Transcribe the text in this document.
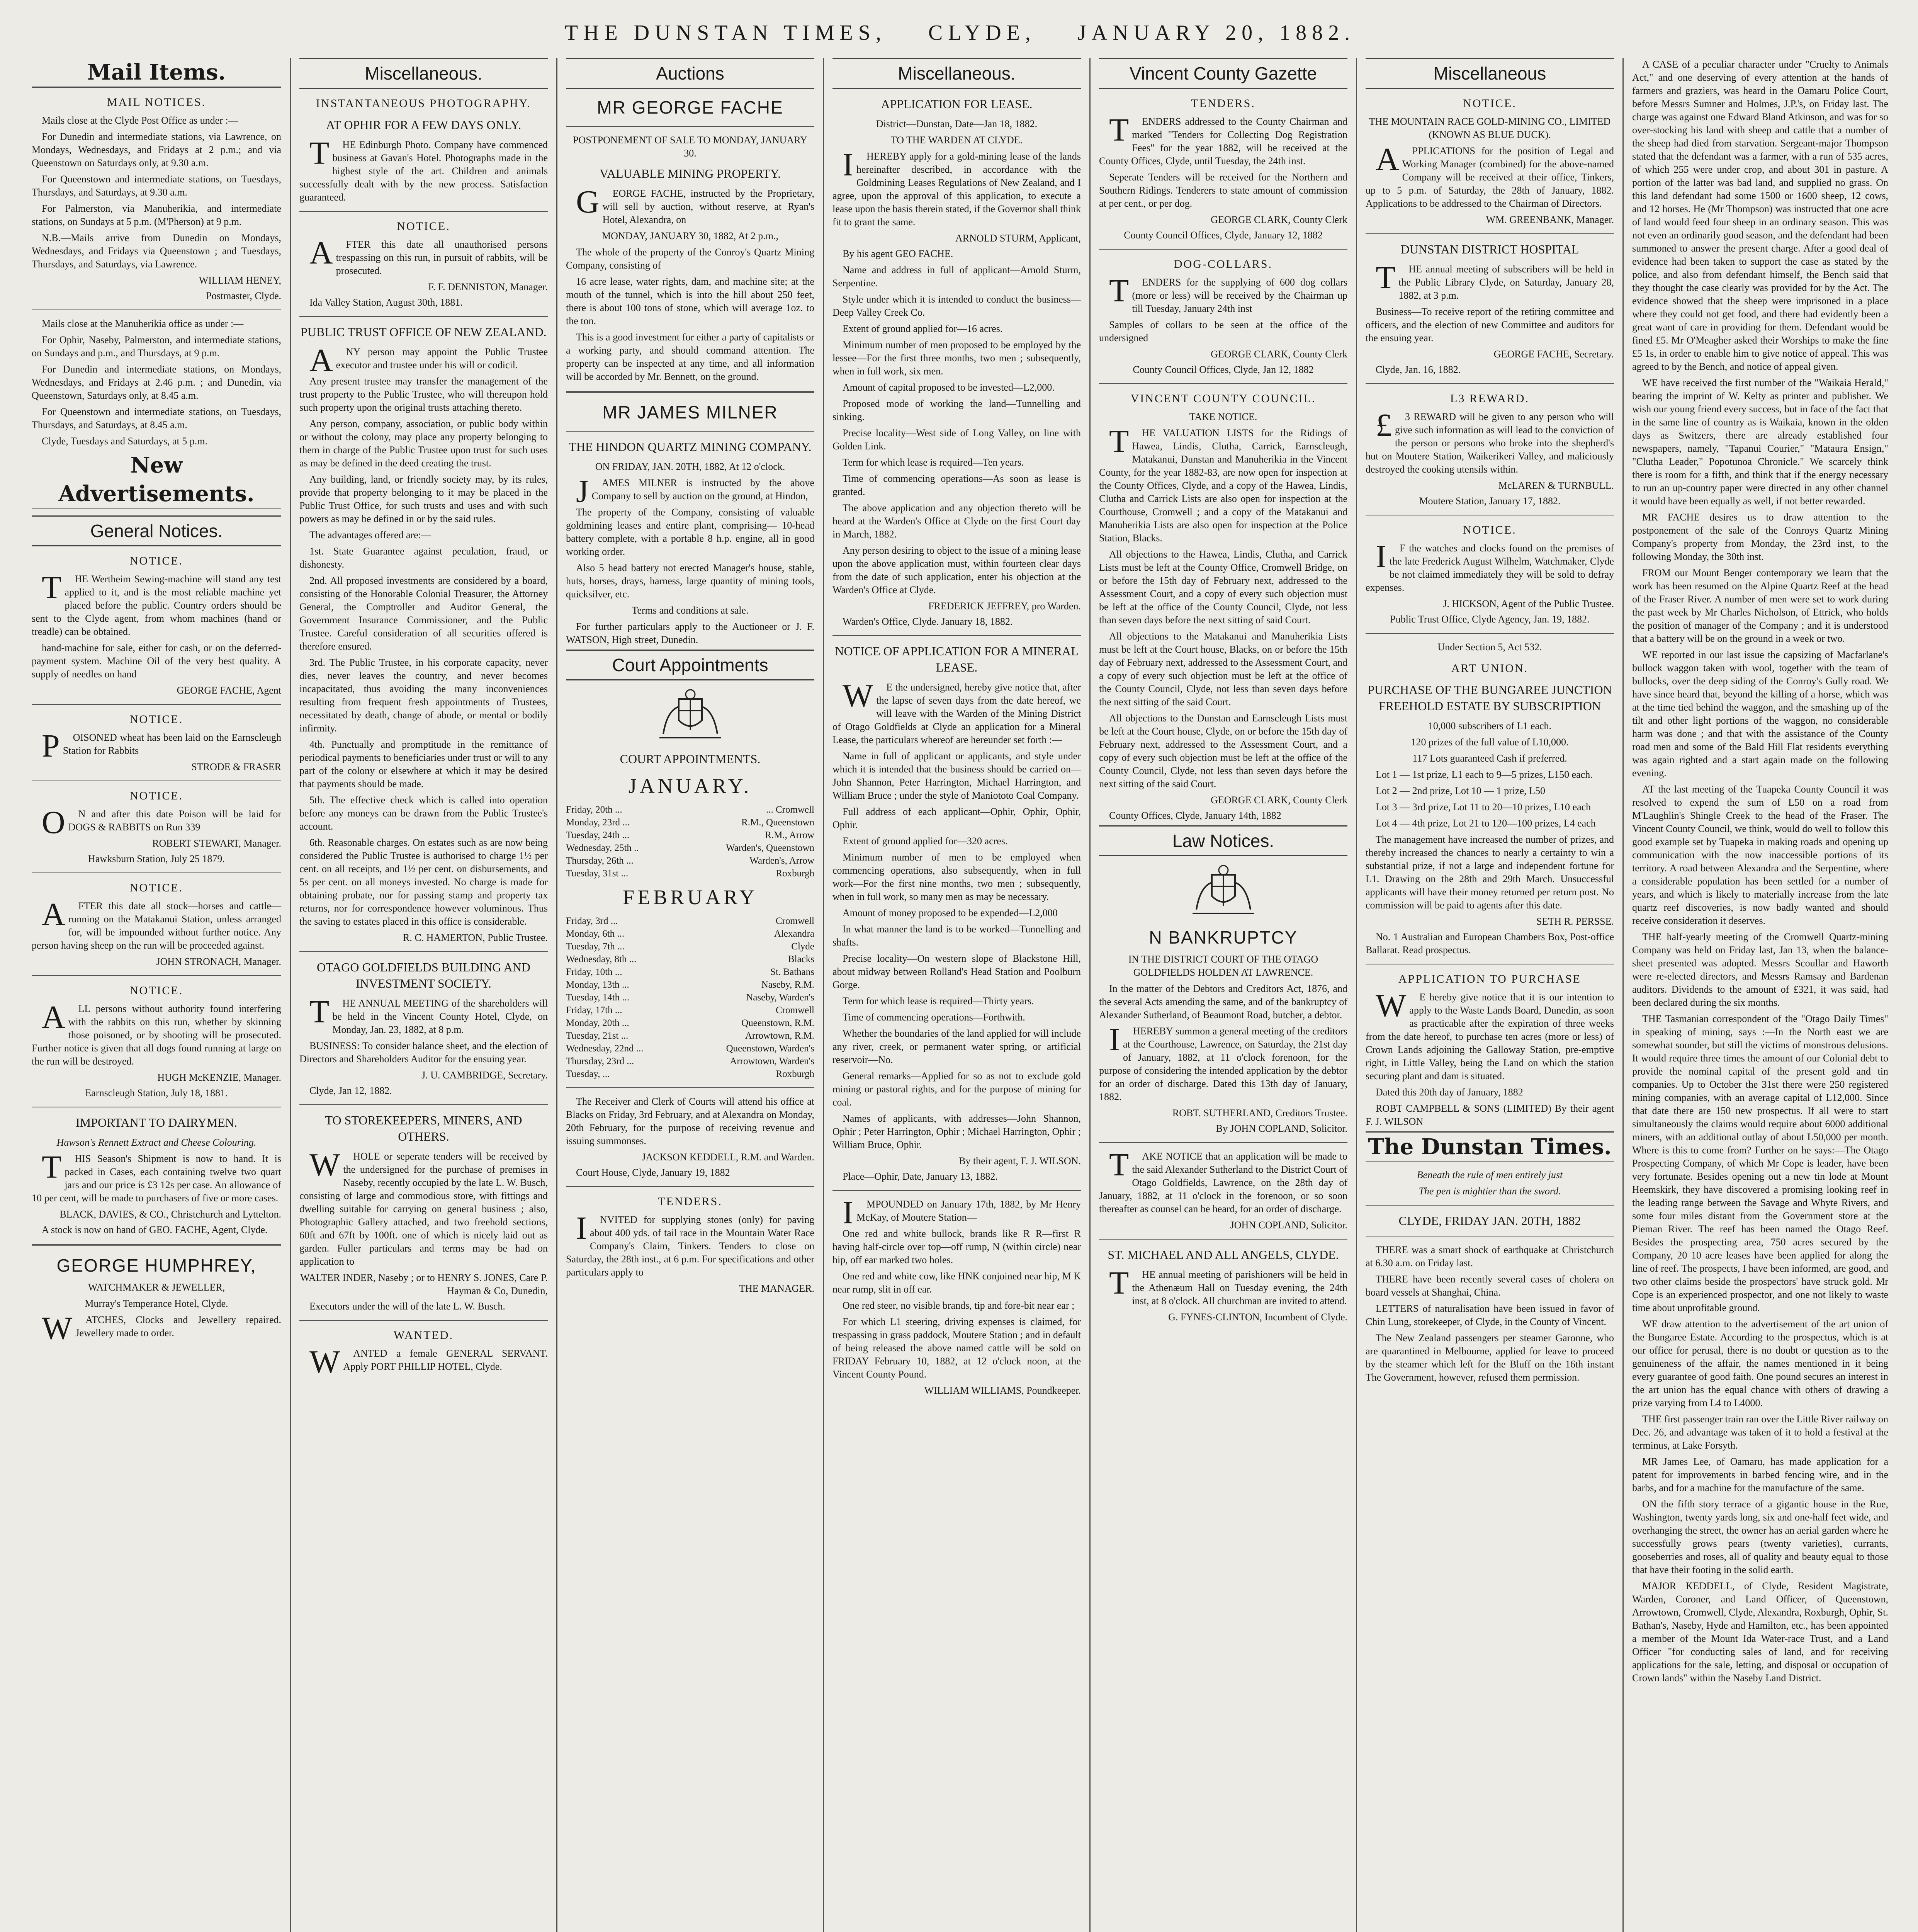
THE DUNSTAN TIMES, CLYDE, JANUARY 20, 1882.
Mail Items.
MAIL NOTICES.

Mails close at the Clyde Post Office as under :—

For Dunedin and intermediate stations, via Lawrence, on Mondays, Wednesdays, and Fridays at 2 p.m.; and via Queenstown on Saturdays only, at 9.30 a.m.

For Queenstown and intermediate stations, on Tuesdays, Thursdays, and Saturdays, at 9.30 a.m.

For Palmerston, via Manuherikia, and intermediate stations, on Sundays at 5 p.m. (M'Pherson) at 9 p.m.

N.B.—Mails arrive from Dunedin on Mondays, Wednesdays, and Fridays via Queenstown ; and Tuesdays, Thursdays, and Saturdays, via Lawrence.

WILLIAM HENEY,

Postmaster, Clyde.

Mails close at the Manuherikia office as under :—

For Ophir, Naseby, Palmerston, and intermediate stations, on Sundays and p.m., and Thursdays, at 9 p.m.

For Dunedin and intermediate stations, on Mondays, Wednesdays, and Fridays at 2.46 p.m. ; and Dunedin, via Queenstown, Saturdays only, at 8.45 a.m.

For Queenstown and intermediate stations, on Tuesdays, Thursdays, and Saturdays, at 8.45 a.m.

Clyde, Tuesdays and Saturdays, at 5 p.m.

New Advertisements.
General Notices.
NOTICE.

THE Wertheim Sewing-machine will stand any test applied to it, and is the most reliable machine yet placed before the public. Country orders should be sent to the Clyde agent, from whom machines (hand or treadle) can be obtained.

hand-machine for sale, either for cash, or on the deferred-payment system. Machine Oil of the very best quality. A supply of needles on hand

GEORGE FACHE, Agent

NOTICE.

POISONED wheat has been laid on the Earnscleugh Station for Rabbits

STRODE & FRASER

NOTICE.

ON and after this date Poison will be laid for DOGS & RABBITS on Run 339

ROBERT STEWART, Manager.

Hawksburn Station, July 25 1879.

NOTICE.

AFTER this date all stock—horses and cattle—running on the Matakanui Station, unless arranged for, will be impounded without further notice. Any person having sheep on the run will be proceeded against.

JOHN STRONACH, Manager.

NOTICE.

ALL persons without authority found interfering with the rabbits on this run, whether by skinning those poisoned, or by shooting will be prosecuted. Further notice is given that all dogs found running at large on the run will be destroyed.

HUGH McKENZIE, Manager.

Earnscleugh Station, July 18, 1881.

IMPORTANT TO DAIRYMEN.

Hawson's Rennett Extract and Cheese Colouring.

THIS Season's Shipment is now to hand. It is packed in Cases, each containing twelve two quart jars and our price is £3 12s per case. An allowance of 10 per cent, will be made to purchasers of five or more cases.

BLACK, DAVIES, & CO., Christchurch and Lyttelton.

A stock is now on hand of GEO. FACHE, Agent, Clyde.

GEORGE HUMPHREY,

WATCHMAKER & JEWELLER,

Murray's Temperance Hotel, Clyde.

WATCHES, Clocks and Jewellery repaired. Jewellery made to order.

Miscellaneous.
INSTANTANEOUS PHOTOGRAPHY.
AT OPHIR FOR A FEW DAYS ONLY.

THE Edinburgh Photo. Company have commenced business at Gavan's Hotel. Photographs made in the highest style of the art. Children and animals successfully dealt with by the new process. Satisfaction guaranteed.

NOTICE.

AFTER this date all unauthorised persons trespassing on this run, in pursuit of rabbits, will be prosecuted.

F. F. DENNISTON, Manager.

Ida Valley Station, August 30th, 1881.

PUBLIC TRUST OFFICE OF NEW ZEALAND.

ANY person may appoint the Public Trustee executor and trustee under his will or codicil.

Any present trustee may transfer the management of the trust property to the Public Trustee, who will thereupon hold such property upon the original trusts attaching thereto.

Any person, company, association, or public body within or without the colony, may place any property belonging to them in charge of the Public Trustee upon trust for such uses as may be defined in the deed creating the trust.

Any building, land, or friendly society may, by its rules, provide that property belonging to it may be placed in the Public Trust Office, for such trusts and uses and with such powers as may be defined in or by the said rules.

The advantages offered are:—

1st. State Guarantee against peculation, fraud, or dishonesty.

2nd. All proposed investments are considered by a board, consisting of the Honorable Colonial Treasurer, the Attorney General, the Comptroller and Auditor General, the Government Insurance Commissioner, and the Public Trustee. Careful consideration of all securities offered is therefore ensured.

3rd. The Public Trustee, in his corporate capacity, never dies, never leaves the country, and never becomes incapacitated, thus avoiding the many inconveniences resulting from frequent fresh appointments of Trustees, necessitated by death, change of abode, or mental or bodily infirmity.

4th. Punctually and promptitude in the remittance of periodical payments to beneficiaries under trust or will to any part of the colony or elsewhere at which it may be desired that payments should be made.

5th. The effective check which is called into operation before any moneys can be drawn from the Public Trustee's account.

6th. Reasonable charges. On estates such as are now being considered the Public Trustee is authorised to charge 1½ per cent. on all receipts, and 1½ per cent. on disbursements, and 5s per cent. on all moneys invested. No charge is made for obtaining probate, nor for passing stamp and property tax returns, nor for correspondence however voluminous. Thus the saving to estates placed in this office is considerable.

R. C. HAMERTON, Public Trustee.

OTAGO GOLDFIELDS BUILDING AND INVESTMENT SOCIETY.

THE ANNUAL MEETING of the shareholders will be held in the Vincent County Hotel, Clyde, on Monday, Jan. 23, 1882, at 8 p.m.

BUSINESS: To consider balance sheet, and the election of Directors and Shareholders Auditor for the ensuing year.

J. U. CAMBRIDGE, Secretary.

Clyde, Jan 12, 1882.

TO STOREKEEPERS, MINERS, AND OTHERS.

WHOLE or seperate tenders will be received by the undersigned for the purchase of premises in Naseby, recently occupied by the late L. W. Busch, consisting of large and commodious store, with fittings and dwelling suitable for carrying on general business ; also, Photographic Gallery attached, and two freehold sections, 60ft and 67ft by 100ft. one of which is nicely laid out as garden. Fuller particulars and terms may be had on application to

WALTER INDER, Naseby ; or to HENRY S. JONES, Care P. Hayman & Co, Dunedin,

Executors under the will of the late L. W. Busch.

WANTED.

WANTED a female GENERAL SERVANT. Apply PORT PHILLIP HOTEL, Clyde.

Auctions
MR GEORGE FACHE

POSTPONEMENT OF SALE TO MONDAY, JANUARY 30.

VALUABLE MINING PROPERTY.

GEORGE FACHE, instructed by the Proprietary, will sell by auction, without reserve, at Ryan's Hotel, Alexandra, on

MONDAY, JANUARY 30, 1882, At 2 p.m.,

The whole of the property of the Conroy's Quartz Mining Company, consisting of

16 acre lease, water rights, dam, and machine site; at the mouth of the tunnel, which is into the hill about 250 feet, there is about 100 tons of stone, which will average 1oz. to the ton.

This is a good investment for either a party of capitalists or a working party, and should command attention. The property can be inspected at any time, and all information will be accorded by Mr. Bennett, on the ground.

MR JAMES MILNER
THE HINDON QUARTZ MINING COMPANY.

ON FRIDAY, JAN. 20TH, 1882, At 12 o'clock.

JAMES MILNER is instructed by the above Company to sell by auction on the ground, at Hindon,

The property of the Company, consisting of valuable goldmining leases and entire plant, comprising— 10-head battery complete, with a portable 8 h.p. engine, all in good working order.

Also 5 head battery not erected Manager's house, stable, huts, horses, drays, harness, large quantity of mining tools, quicksilver, etc.

Terms and conditions at sale.

For further particulars apply to the Auctioneer or J. F. WATSON, High street, Dunedin.

Court Appointments
COURT APPOINTMENTS.
JANUARY.
Friday, 20th ...	... Cromwell
Monday, 23rd ...	R.M., Queenstown
Tuesday, 24th ...	R.M., Arrow
Wednesday, 25th ..	Warden's, Queenstown
Thursday, 26th ...	Warden's, Arrow
Tuesday, 31st ...	Roxburgh
FEBRUARY
Friday, 3rd ...	Cromwell
Monday, 6th ...	Alexandra
Tuesday, 7th ...	Clyde
Wednesday, 8th ...	Blacks
Friday, 10th ...	St. Bathans
Monday, 13th ...	Naseby, R.M.
Tuesday, 14th ...	Naseby, Warden's
Friday, 17th ...	Cromwell
Monday, 20th ...	Queenstown, R.M.
Tuesday, 21st ...	Arrowtown, R.M.
Wednesday, 22nd ...	Queenstown, Warden's
Thursday, 23rd ...	Arrowtown, Warden's
Tuesday, ...	Roxburgh

The Receiver and Clerk of Courts will attend his office at Blacks on Friday, 3rd February, and at Alexandra on Monday, 20th February, for the purpose of receiving revenue and issuing summonses.

JACKSON KEDDELL, R.M. and Warden.

Court House, Clyde, January 19, 1882

TENDERS.

INVITED for supplying stones (only) for paving about 400 yds. of tail race in the Mountain Water Race Company's Claim, Tinkers. Tenders to close on Saturday, the 28th inst., at 6 p.m. For specifications and other particulars apply to

THE MANAGER.

Miscellaneous.
APPLICATION FOR LEASE.

District—Dunstan, Date—Jan 18, 1882.

TO THE WARDEN AT CLYDE.

IHEREBY apply for a gold-mining lease of the lands hereinafter described, in accordance with the Goldmining Leases Regulations of New Zealand, and I agree, upon the approval of this application, to execute a lease upon the basis therein stated, if the Governor shall think fit to grant the same.

ARNOLD STURM, Applicant,

By his agent GEO FACHE.

Name and address in full of applicant—Arnold Sturm, Serpentine.

Style under which it is intended to conduct the business—Deep Valley Creek Co.

Extent of ground applied for—16 acres.

Minimum number of men proposed to be employed by the lessee—For the first three months, two men ; subsequently, when in full work, six men.

Amount of capital proposed to be invested—L2,000.

Proposed mode of working the land—Tunnelling and sinking.

Precise locality—West side of Long Valley, on line with Golden Link.

Term for which lease is required—Ten years.

Time of commencing operations—As soon as lease is granted.

The above application and any objection thereto will be heard at the Warden's Office at Clyde on the first Court day in March, 1882.

Any person desiring to object to the issue of a mining lease upon the above application must, within fourteen clear days from the date of such application, enter his objection at the Warden's Office at Clyde.

FREDERICK JEFFREY, pro Warden.

Warden's Office, Clyde. January 18, 1882.

NOTICE OF APPLICATION FOR A MINERAL LEASE.

WE the undersigned, hereby give notice that, after the lapse of seven days from the date hereof, we will leave with the Warden of the Mining District of Otago Goldfields at Clyde an application for a Mineral Lease, the particulars whereof are hereunder set forth :—

Name in full of applicant or applicants, and style under which it is intended that the business should be carried on—John Shannon, Peter Harrington, Michael Harrington, and William Bruce ; under the style of Maniototo Coal Company.

Full address of each applicant—Ophir, Ophir, Ophir, Ophir.

Extent of ground applied for—320 acres.

Minimum number of men to be employed when commencing operations, also subsequently, when in full work—For the first nine months, two men ; subsequently, when in full work, so many men as may be necessary.

Amount of money proposed to be expended—L2,000

In what manner the land is to be worked—Tunnelling and shafts.

Precise locality—On western slope of Blackstone Hill, about midway between Rolland's Head Station and Poolburn Gorge.

Term for which lease is required—Thirty years.

Time of commencing operations—Forthwith.

Whether the boundaries of the land applied for will include any river, creek, or permanent water spring, or artificial reservoir—No.

General remarks—Applied for so as not to exclude gold mining or pastoral rights, and for the purpose of mining for coal.

Names of applicants, with addresses—John Shannon, Ophir ; Peter Harrington, Ophir ; Michael Harrington, Ophir ; William Bruce, Ophir.

By their agent, F. J. WILSON.

Place—Ophir, Date, January 13, 1882.

IMPOUNDED on January 17th, 1882, by Mr Henry McKay, of Moutere Station—

One red and white bullock, brands like R R—first R having half-circle over top—off rump, N (within circle) near hip, off ear marked two holes.

One red and white cow, like HNK conjoined near hip, M K near rump, slit in off ear.

One red steer, no visible brands, tip and fore-bit near ear ;

For which L1 steering, driving expenses is claimed, for trespassing in grass paddock, Moutere Station ; and in default of being released the above named cattle will be sold on FRIDAY February 10, 1882, at 12 o'clock noon, at the Vincent County Pound.

WILLIAM WILLIAMS, Poundkeeper.

Vincent County Gazette
TENDERS.

TENDERS addressed to the County Chairman and marked "Tenders for Collecting Dog Registration Fees" for the year 1882, will be received at the County Offices, Clyde, until Tuesday, the 24th inst.

Seperate Tenders will be received for the Northern and Southern Ridings. Tenderers to state amount of commission at per cent., or per dog.

GEORGE CLARK, County Clerk

County Council Offices, Clyde, January 12, 1882

DOG-COLLARS.

TENDERS for the supplying of 600 dog collars (more or less) will be received by the Chairman up till Tuesday, January 24th inst

Samples of collars to be seen at the office of the undersigned

GEORGE CLARK, County Clerk

County Council Offices, Clyde, Jan 12, 1882

VINCENT COUNTY COUNCIL.

TAKE NOTICE.

THE VALUATION LISTS for the Ridings of Hawea, Lindis, Clutha, Carrick, Earnscleugh, Matakanui, Dunstan and Manuherikia in the Vincent County, for the year 1882-83, are now open for inspection at the County Offices, Clyde, and a copy of the Hawea, Lindis, Clutha and Carrick Lists are also open for inspection at the Courthouse, Cromwell ; and a copy of the Matakanui and Manuherikia Lists are also open for inspection at the Police Station, Blacks.

All objections to the Hawea, Lindis, Clutha, and Carrick Lists must be left at the County Office, Cromwell Bridge, on or before the 15th day of February next, addressed to the Assessment Court, and a copy of every such objection must be left at the office of the County Council, Clyde, not less than seven days before the next sitting of said Court.

All objections to the Matakanui and Manuherikia Lists must be left at the Court house, Blacks, on or before the 15th day of February next, addressed to the Assessment Court, and a copy of every such objection must be left at the office of the County Council, Clyde, not less than seven days before the next sitting of the said Court.

All objections to the Dunstan and Earnscleugh Lists must be left at the Court house, Clyde, on or before the 15th day of February next, addressed to the Assessment Court, and a copy of every such objection must be left at the office of the County Council, Clyde, not less than seven days before the next sitting of the said Court.

GEORGE CLARK, County Clerk

County Offices, Clyde, January 14th, 1882

Law Notices.
N BANKRUPTCY

IN THE DISTRICT COURT OF THE OTAGO GOLDFIELDS HOLDEN AT LAWRENCE.

In the matter of the Debtors and Creditors Act, 1876, and the several Acts amending the same, and of the bankruptcy of Alexander Sutherland, of Beaumont Road, butcher, a debtor.

IHEREBY summon a general meeting of the creditors at the Courthouse, Lawrence, on Saturday, the 21st day of January, 1882, at 11 o'clock forenoon, for the purpose of considering the intended application by the debtor for an order of discharge. Dated this 13th day of January, 1882.

ROBT. SUTHERLAND, Creditors Trustee.

By JOHN COPLAND, Solicitor.

TAKE NOTICE that an application will be made to the said Alexander Sutherland to the District Court of Otago Goldfields, Lawrence, on the 28th day of January, 1882, at 11 o'clock in the forenoon, or so soon thereafter as counsel can be heard, for an order of discharge.

JOHN COPLAND, Solicitor.

ST. MICHAEL AND ALL ANGELS, CLYDE.

THE annual meeting of parishioners will be held in the Athenæum Hall on Tuesday evening, the 24th inst, at 8 o'clock. All churchman are invited to attend.

G. FYNES-CLINTON, Incumbent of Clyde.

Miscellaneous
NOTICE.

THE MOUNTAIN RACE GOLD-MINING CO., LIMITED (KNOWN AS BLUE DUCK).

APPLICATIONS for the position of Legal and Working Manager (combined) for the above-named Company will be received at their office, Tinkers, up to 5 p.m. of Saturday, the 28th of January, 1882. Applications to be addressed to the Chairman of Directors.

WM. GREENBANK, Manager.

DUNSTAN DISTRICT HOSPITAL

THE annual meeting of subscribers will be held in the Public Library Clyde, on Saturday, January 28, 1882, at 3 p.m.

Business—To receive report of the retiring committee and officers, and the election of new Committee and auditors for the ensuing year.

GEORGE FACHE, Secretary.

Clyde, Jan. 16, 1882.

L3 REWARD.

£3 REWARD will be given to any person who will give such information as will lead to the conviction of the person or persons who broke into the shepherd's hut on Moutere Station, Waikerikeri Valley, and maliciously destroyed the cooking utensils within.

McLAREN & TURNBULL.

Moutere Station, January 17, 1882.

NOTICE.

IF the watches and clocks found on the premises of the late Frederick August Wilhelm, Watchmaker, Clyde be not claimed immediately they will be sold to defray expenses.

J. HICKSON, Agent of the Public Trustee.

Public Trust Office, Clyde Agency, Jan. 19, 1882.

Under Section 5, Act 532.

ART UNION.
PURCHASE OF THE BUNGAREE JUNCTION FREEHOLD ESTATE BY SUBSCRIPTION

10,000 subscribers of L1 each.

120 prizes of the full value of L10,000.

117 Lots guaranteed Cash if preferred.

Lot 1 — 1st prize, L1 each to 9—5 prizes, L150 each.

Lot 2 — 2nd prize, Lot 10 — 1 prize, L50

Lot 3 — 3rd prize, Lot 11 to 20—10 prizes, L10 each

Lot 4 — 4th prize, Lot 21 to 120—100 prizes, L4 each

The management have increased the number of prizes, and thereby increased the chances to nearly a certainty to win a substantial prize, if not a large and independent fortune for L1. Drawing on the 28th and 29th March. Unsuccessful applicants will have their money returned per return post. No commission will be paid to agents after this date.

SETH R. PERSSE.

No. 1 Australian and European Chambers Box, Post-office Ballarat. Read prospectus.

APPLICATION TO PURCHASE

WE hereby give notice that it is our intention to apply to the Waste Lands Board, Dunedin, as soon as practicable after the expiration of three weeks from the date hereof, to purchase ten acres (more or less) of Crown Lands adjoining the Galloway Station, pre-emptive right, in Little Valley, being the Land on which the station securing plant and dam is situated.

Dated this 20th day of January, 1882

ROBT CAMPBELL & SONS (LIMITED) By their agent F. J. WILSON

The Dunstan Times.

Beneath the rule of men entirely just

The pen is mightier than the sword.

CLYDE, FRIDAY JAN. 20TH, 1882

THERE was a smart shock of earthquake at Christchurch at 6.30 a.m. on Friday last.

THERE have been recently several cases of cholera on board vessels at Shanghai, China.

LETTERS of naturalisation have been issued in favor of Chin Lung, storekeeper, of Clyde, in the County of Vincent.

The New Zealand passengers per steamer Garonne, who are quarantined in Melbourne, applied for leave to proceed by the steamer which left for the Bluff on the 16th instant The Government, however, refused them permission.

A CASE of a peculiar character under "Cruelty to Animals Act," and one deserving of every attention at the hands of farmers and graziers, was heard in the Oamaru Police Court, before Messrs Sumner and Holmes, J.P.'s, on Friday last. The charge was against one Edward Bland Atkinson, and was for so over-stocking his land with sheep and cattle that a number of the sheep had died from starvation. Sergeant-major Thompson stated that the defendant was a farmer, with a run of 535 acres, of which 255 were under crop, and about 301 in pasture. A portion of the latter was bad land, and supplied no grass. On this land defendant had some 1500 or 1600 sheep, 12 cows, and 12 horses. He (Mr Thompson) was instructed that one acre of land would feed four sheep in an ordinary season. This was not even an ordinarily good season, and the defendant had been summoned to answer the present charge. After a good deal of evidence had been taken to support the case as stated by the police, and also from defendant himself, the Bench said that they thought the case clearly was provided for by the Act. The evidence showed that the sheep were imprisoned in a place where they could not get food, and there had evidently been a great want of care in providing for them. Defendant would be fined £5. Mr O'Meagher asked their Worships to make the fine £5 1s, in order to enable him to give notice of appeal. This was agreed to by the Bench, and notice of appeal given.

WE have received the first number of the "Waikaia Herald," bearing the imprint of W. Kelty as printer and publisher. We wish our young friend every success, but in face of the fact that in the same line of country as is Waikaia, known in the olden days as Switzers, there are already established four newspapers, namely, "Tapanui Courier," "Mataura Ensign," "Clutha Leader," Popotunoa Chronicle." We scarcely think there is room for a fifth, and think that if the energy necessary to run an up-country paper were directed in any other channel it would have been equally as well, if not better rewarded.

MR FACHE desires us to draw attention to the postponement of the sale of the Conroys Quartz Mining Company's property from Monday, the 23rd inst, to the following Monday, the 30th inst.

FROM our Mount Benger contemporary we learn that the work has been resumed on the Alpine Quartz Reef at the head of the Fraser River. A number of men were set to work during the past week by Mr Charles Nicholson, of Ettrick, who holds the position of manager of the Company ; and it is understood that a battery will be on the ground in a week or two.

WE reported in our last issue the capsizing of Macfarlane's bullock waggon taken with wool, together with the team of bullocks, over the deep siding of the Conroy's Gully road. We have since heard that, beyond the killing of a horse, which was at the time tied behind the waggon, and the smashing up of the tilt and other light portions of the waggon, no considerable harm was done ; and that with the assistance of the County road men and some of the Bald Hill Flat residents everything was again righted and a start again made on the following evening.

AT the last meeting of the Tuapeka County Council it was resolved to expend the sum of L50 on a road from M'Laughlin's Shingle Creek to the head of the Fraser. The Vincent County Council, we think, would do well to follow this good example set by Tuapeka in making roads and opening up communication with the now inaccessible portions of its territory. A road between Alexandra and the Serpentine, where a considerable population has been settled for a number of years, and which is likely to materially increase from the late quartz reef discoveries, is now badly wanted and should receive consideration it deserves.

THE half-yearly meeting of the Cromwell Quartz-mining Company was held on Friday last, Jan 13, when the balance-sheet presented was adopted. Messrs Scoullar and Haworth were re-elected directors, and Messrs Ramsay and Bardenan auditors. Dividends to the amount of £321, it was said, had been declared during the six months.

THE Tasmanian correspondent of the "Otago Daily Times" in speaking of mining, says :—In the North east we are somewhat sounder, but still the victims of monstrous delusions. It would require three times the amount of our Colonial debt to provide the nominal capital of the present gold and tin companies. Up to October the 31st there were 250 registered mining companies, with an average capital of L12,000. Since that date there are 150 new prospectus. If all were to start simultaneously the claims would require about 6000 additional miners, with an additional outlay of about L50,000 per month. Where is this to come from? Further on he says:—The Otago Prospecting Company, of which Mr Cope is leader, have been very fortunate. Besides opening out a new tin lode at Mount Heemskirk, they have discovered a promising looking reef in the leading range between the Savage and Whyte Rivers, and some four miles distant from the Government store at the Pieman River. The reef has been named the Otago Reef. Besides the prospecting area, 750 acres secured by the Company, 20 10 acre leases have been applied for along the line of reef. The prospects, I have been informed, are good, and two other claims beside the prospectors' have struck gold. Mr Cope is an experienced prospector, and one not likely to waste time about unprofitable ground.

WE draw attention to the advertisement of the art union of the Bungaree Estate. According to the prospectus, which is at our office for perusal, there is no doubt or question as to the genuineness of the affair, the names mentioned in it being every guarantee of good faith. One pound secures an interest in the art union has the equal chance with others of drawing a prize varying from L4 to L4000.

THE first passenger train ran over the Little River railway on Dec. 26, and advantage was taken of it to hold a festival at the terminus, at Lake Forsyth.

MR James Lee, of Oamaru, has made application for a patent for improvements in barbed fencing wire, and in the barbs, and for a machine for the manufacture of the same.

ON the fifth story terrace of a gigantic house in the Rue, Washington, twenty yards long, six and one-half feet wide, and overhanging the street, the owner has an aerial garden where he successfully grows pears (twenty varieties), currants, gooseberries and roses, all of quality and beauty equal to those that have their footing in the solid earth.

MAJOR KEDDELL, of Clyde, Resident Magistrate, Warden, Coroner, and Land Officer, of Queenstown, Arrowtown, Cromwell, Clyde, Alexandra, Roxburgh, Ophir, St. Bathan's, Naseby, Hyde and Hamilton, etc., has been appointed a member of the Mount Ida Water-race Trust, and a Land Officer "for conducting sales of land, and for receiving applications for the sale, letting, and disposal or occupation of Crown lands" within the Naseby Land District.
